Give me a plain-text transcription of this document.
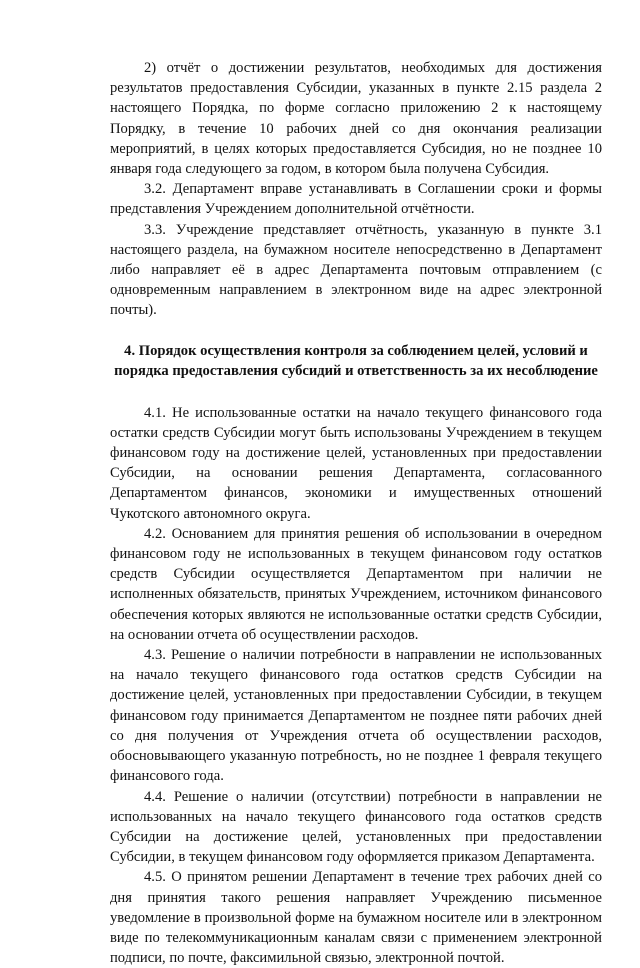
2) отчёт о достижении результатов, необходимых для достижения результатов предоставления Субсидии, указанных в пункте 2.15 раздела 2 настоящего Порядка, по форме согласно приложению 2 к настоящему Порядку, в течение 10 рабочих дней со дня окончания реализации мероприятий, в целях которых предоставляется Субсидия, но не позднее 10 января года следующего за годом, в котором была получена Субсидия.

3.2. Департамент вправе устанавливать в Соглашении сроки и формы представления Учреждением дополнительной отчётности.

3.3. Учреждение представляет отчётность, указанную в пункте 3.1 настоящего раздела, на бумажном носителе непосредственно в Департамент либо направляет её в адрес Департамента почтовым отправлением (с одновременным направлением в электронном виде на адрес электронной почты).

4. Порядок осуществления контроля за соблюдением целей, условий и порядка предоставления субсидий и ответственность за их несоблюдение

4.1. Не использованные остатки на начало текущего финансового года остатки средств Субсидии могут быть использованы Учреждением в текущем финансовом году на достижение целей, установленных при предоставлении Субсидии, на основании решения Департамента, согласованного Департаментом финансов, экономики и имущественных отношений Чукотского автономного округа.

4.2. Основанием для принятия решения об использовании в очередном финансовом году не использованных в текущем финансовом году остатков средств Субсидии осуществляется Департаментом при наличии не исполненных обязательств, принятых Учреждением, источником финансового обеспечения которых являются не использованные остатки средств Субсидии, на основании отчета об осуществлении расходов.

4.3. Решение о наличии потребности в направлении не использованных на начало текущего финансового года остатков средств Субсидии на достижение целей, установленных при предоставлении Субсидии, в текущем финансовом году принимается Департаментом не позднее пяти рабочих дней со дня получения от Учреждения отчета об осуществлении расходов, обосновывающего указанную потребность, но не позднее 1 февраля текущего финансового года.

4.4. Решение о наличии (отсутствии) потребности в направлении не использованных на начало текущего финансового года остатков средств Субсидии на достижение целей, установленных при предоставлении Субсидии, в текущем финансовом году оформляется приказом Департамента.

4.5. О принятом решении Департамент в течение трех рабочих дней со дня принятия такого решения направляет Учреждению письменное уведомление в произвольной форме на бумажном носителе или в электронном виде по телекоммуникационным каналам связи с применением электронной подписи, по почте, факсимильной связью, электронной почтой.
